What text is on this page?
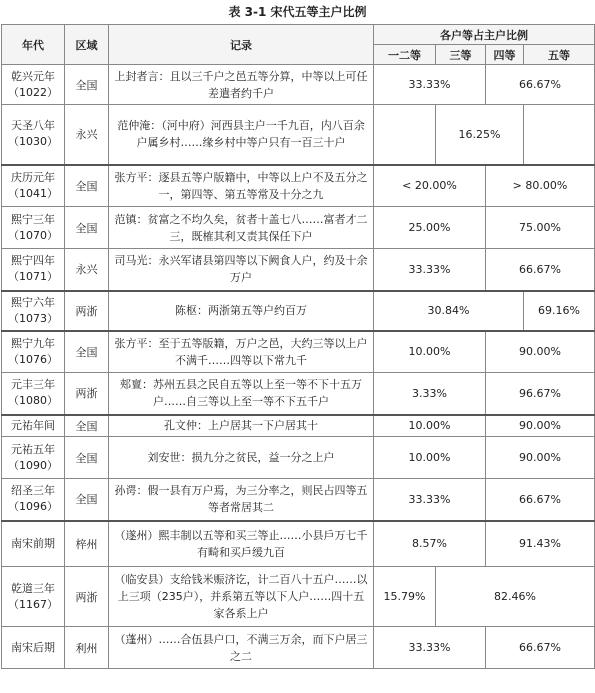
表 3-1 宋代五等主户比例
年代	区域	记录	各户等占主户比例			
			一二等	三等	四等	五等
乾兴元年
（1022）	全国	上封者言：且以三千户之邑五等分算，中等以上可任差遣者约千户	33.33%		66.67%	
天圣八年
（1030）	永兴	范仲淹：（河中府）河西县主户一千九百，内八百余户属乡村……缘乡村中等户只有一百三十户		16.25%		
庆历元年
（1041）	全国	张方平：逐县五等户版籍中，中等以上户不及五分之一，第四等、第五等常及十分之九	< 20.00%		> 80.00%	
熙宁三年
（1070）	全国	范镇：贫富之不均久矣，贫者十盖七八……富者才二三，既榷其利又责其保任下户	25.00%		75.00%	
熙宁四年
（1071）	永兴	司马光：永兴军诸县第四等以下阙食人户，约及十余万户	33.33%		66.67%	
熙宁六年
（1073）	两浙	陈枢：两浙第五等户约百万	30.84%			69.16%
熙宁九年
（1076）	全国	张方平：至于五等版籍，万户之邑，大约三等以上户不满千……四等以下常九千	10.00%		90.00%	
元丰三年
（1080）	两浙	郏亶：苏州五县之民自五等以上至一等不下十五万户……自三等以上至一等不下五千户	3.33%		96.67%	
元祐年间	全国	孔文仲：上户居其一下户居其十	10.00%		90.00%	
元祐五年
（1090）	全国	刘安世：损九分之贫民，益一分之上户	10.00%		90.00%	
绍圣三年
（1096）	全国	孙谔：假一县有万户焉，为三分率之，则民占四等五等者常居其二	33.33%		66.67%	
南宋前期	梓州	（遂州）熙丰制以五等和买三等止……小县戶万七千有畸和买戶缓九百	8.57%		91.43%	
乾道三年
（1167）	两浙	（临安县）支给钱米赈济讫，计二百八十五户……以上三项（235户），并系第五等以下人户……四十五家各系上户	15.79%	82.46%		
南宋后期	利州	（蓬州）……合伍县户口，不满三万余，而下户居三之二	33.33%		66.67%	
